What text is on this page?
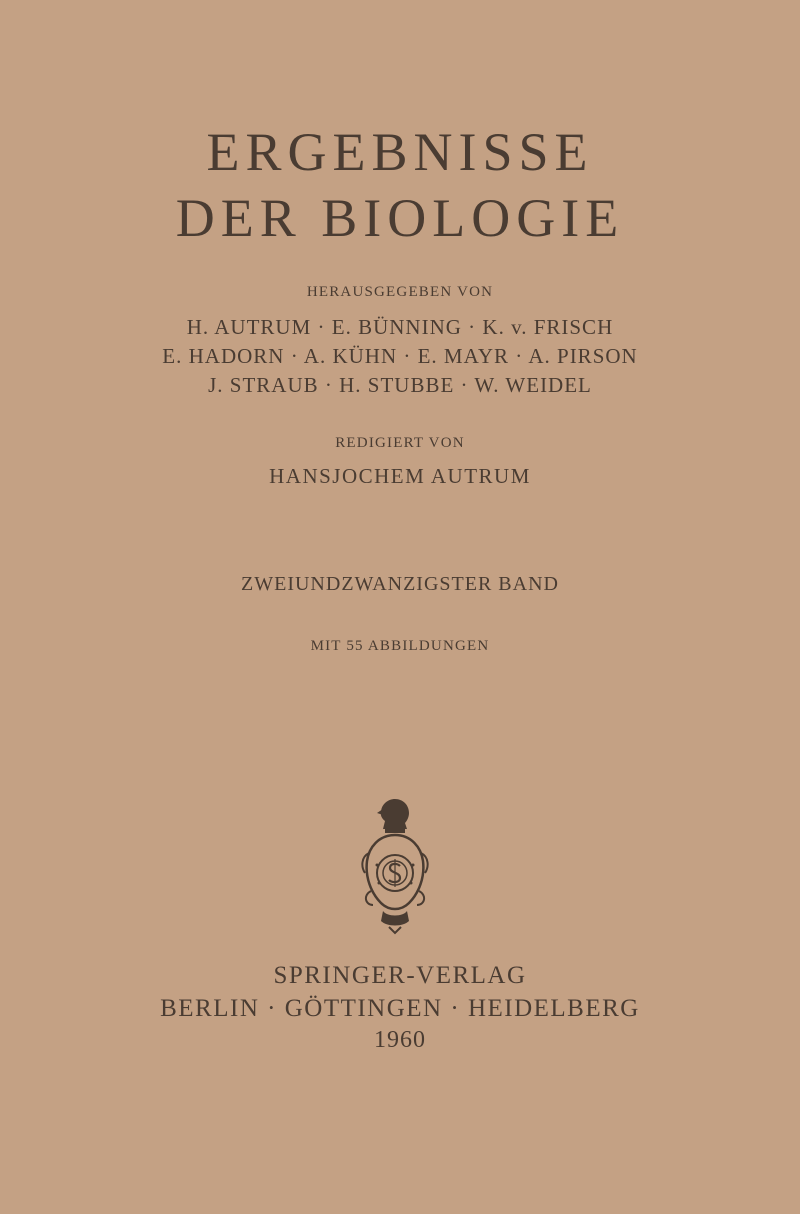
ERGEBNISSE
DER BIOLOGIE
HERAUSGEGEBEN VON
H. AUTRUM · E. BÜNNING · K. v. FRISCH
E. HADORN · A. KÜHN · E. MAYR · A. PIRSON
J. STRAUB · H. STUBBE · W. WEIDEL
REDIGIERT VON
HANSJOCHEM AUTRUM
ZWEIUNDZWANZIGSTER BAND
MIT 55 ABBILDUNGEN
SPRINGER-VERLAG
BERLIN · GÖTTINGEN · HEIDELBERG
1960
